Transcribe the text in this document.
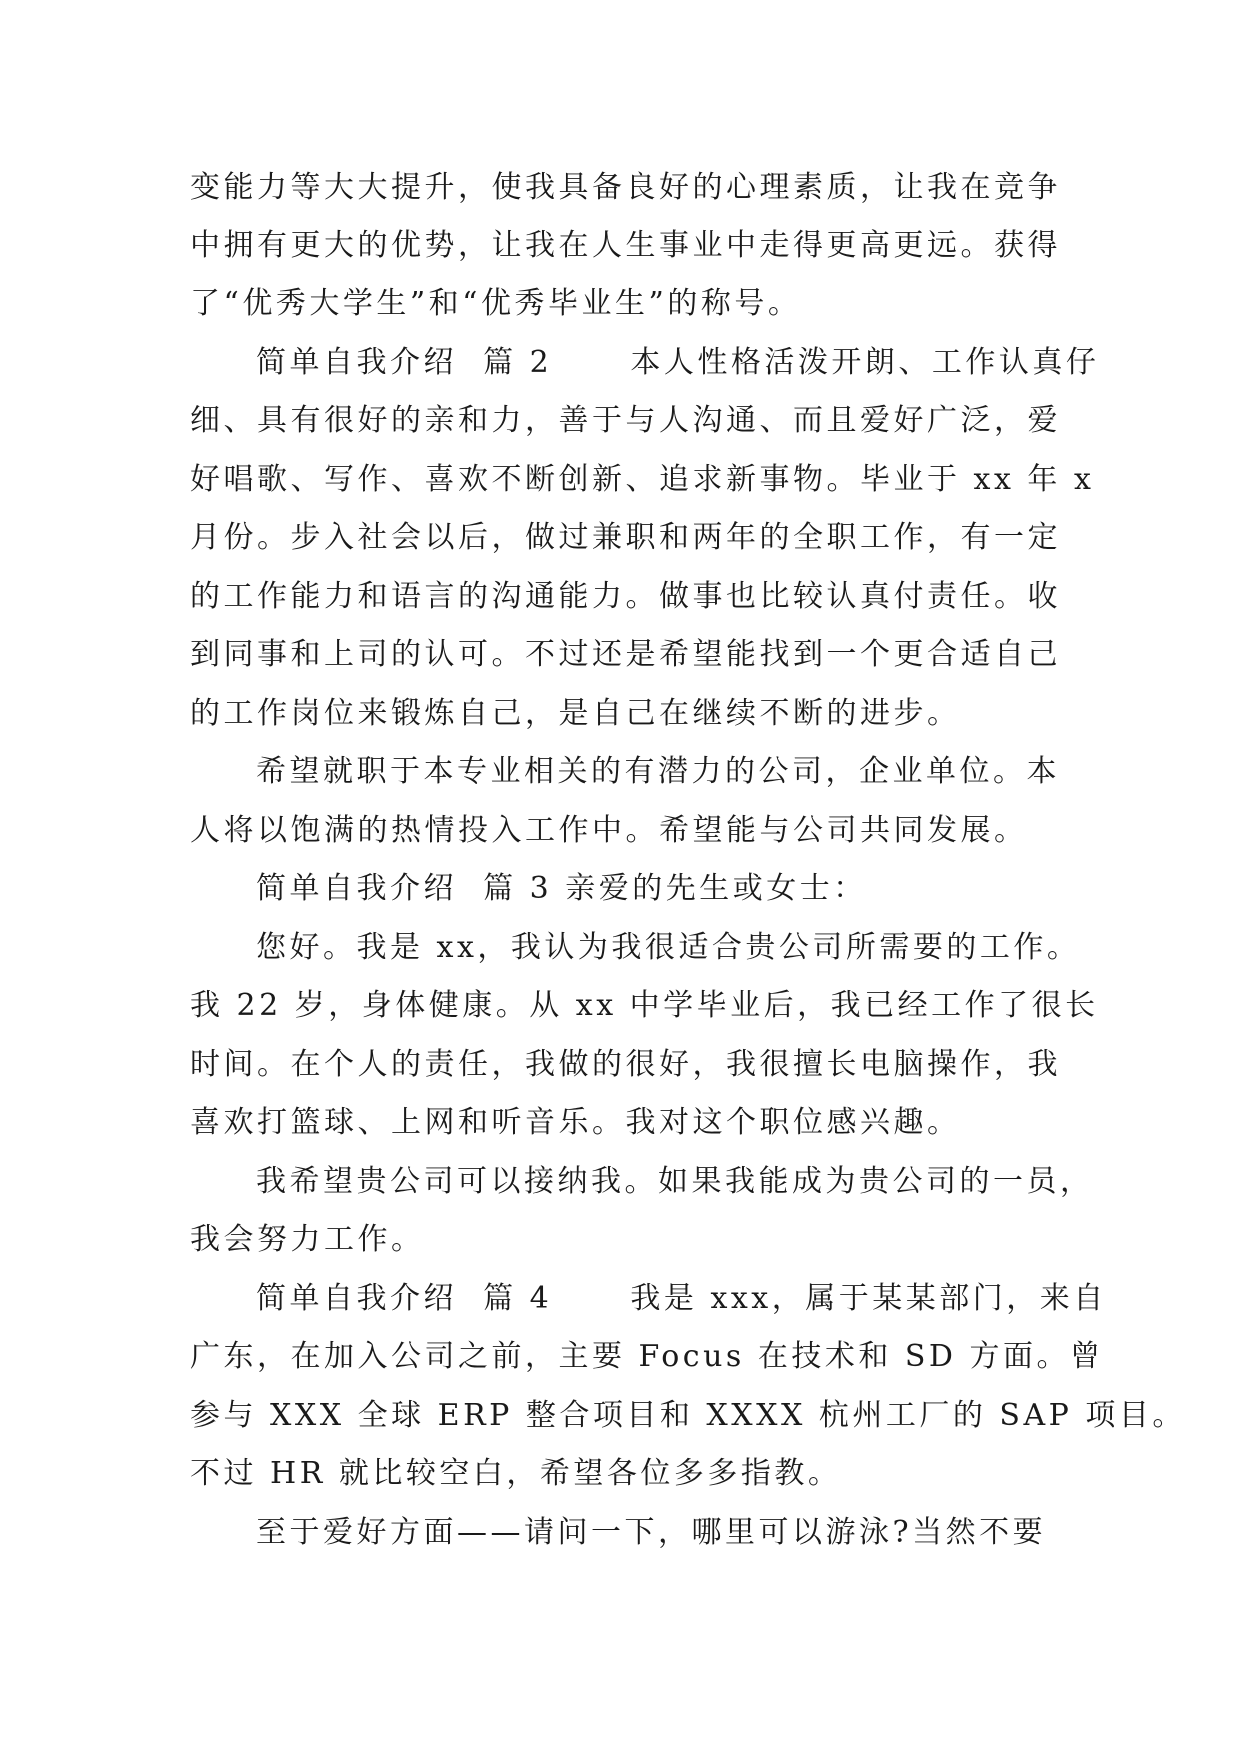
变能力等大大提升，使我具备良好的心理素质，让我在竞争
中拥有更大的优势，让我在人生事业中走得更高更远。获得
了“优秀大学生”和“优秀毕业生”的称号。
简单自我介绍  篇 2      本人性格活泼开朗、工作认真仔
细、具有很好的亲和力，善于与人沟通、而且爱好广泛，爱
好唱歌、写作、喜欢不断创新、追求新事物。毕业于 xx 年 x
月份。步入社会以后，做过兼职和两年的全职工作，有一定
的工作能力和语言的沟通能力。做事也比较认真付责任。收
到同事和上司的认可。不过还是希望能找到一个更合适自己
的工作岗位来锻炼自己，是自己在继续不断的进步。
希望就职于本专业相关的有潜力的公司，企业单位。本
人将以饱满的热情投入工作中。希望能与公司共同发展。
简单自我介绍  篇 3 亲爱的先生或女士：
您好。我是 xx，我认为我很适合贵公司所需要的工作。
我 22 岁，身体健康。从 xx 中学毕业后，我已经工作了很长
时间。在个人的责任，我做的很好，我很擅长电脑操作，我
喜欢打篮球、上网和听音乐。我对这个职位感兴趣。
我希望贵公司可以接纳我。如果我能成为贵公司的一员，
我会努力工作。
简单自我介绍  篇 4      我是 xxx，属于某某部门，来自
广东，在加入公司之前，主要 Focus 在技术和 SD 方面。曾
参与 XXX 全球 ERP 整合项目和 XXXX 杭州工厂的 SAP 项目。
不过 HR 就比较空白，希望各位多多指教。
至于爱好方面——请问一下，哪里可以游泳?当然不要
